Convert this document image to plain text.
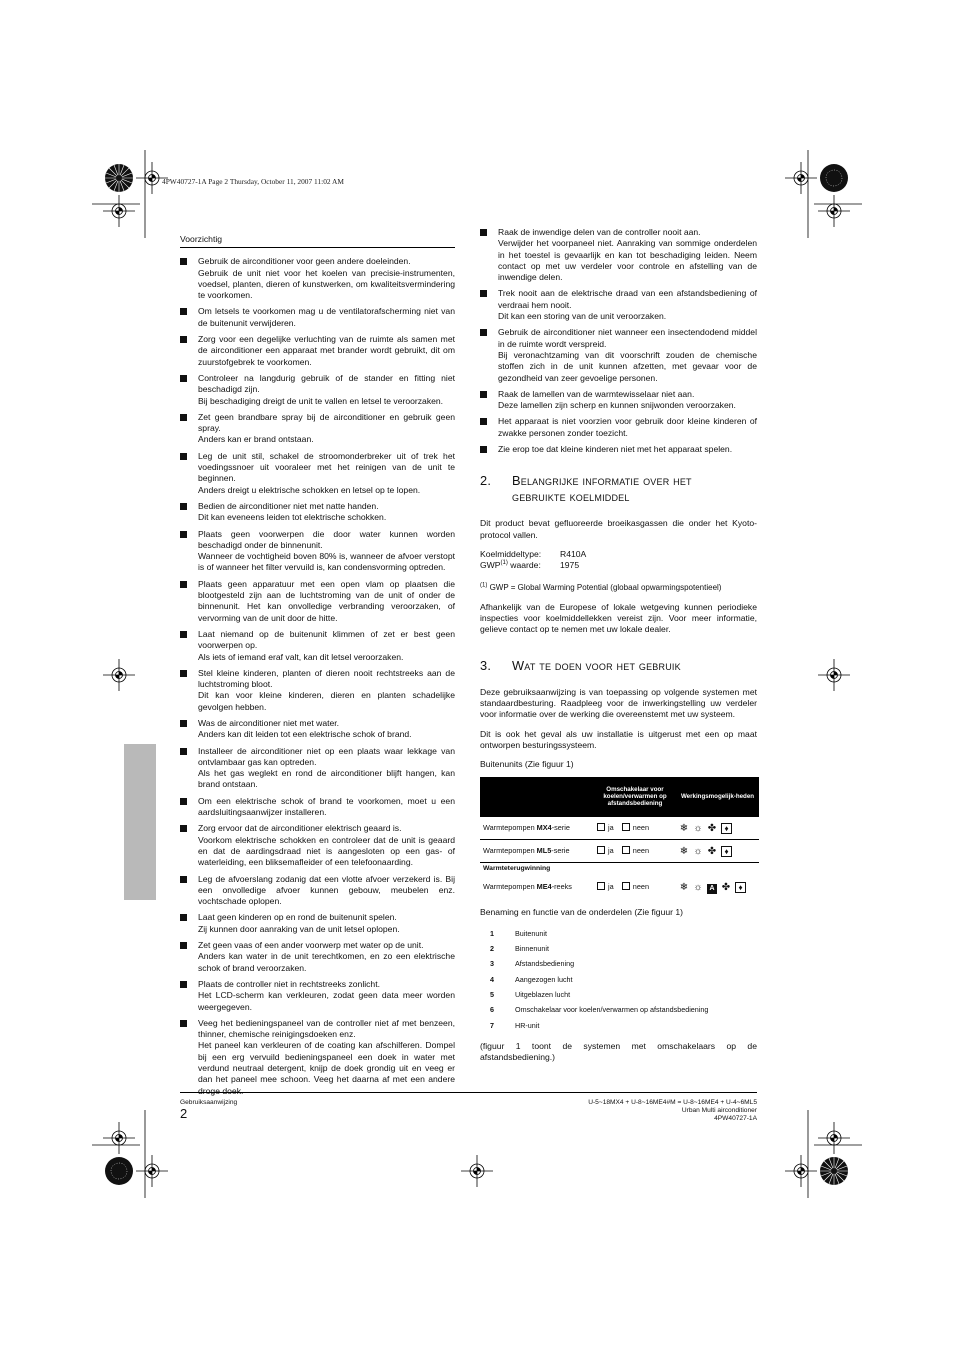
4PW40727-1A Page 2 Thursday, October 11, 2007 11:02 AM
Voorzichtig
Gebruik de airconditioner voor geen andere doeleinden.
Gebruik de unit niet voor het koelen van precisie-instrumenten, voedsel, planten, dieren of kunstwerken, om kwaliteitsvermindering te voorkomen.
Om letsels te voorkomen mag u de ventilatorafscherming niet van de buitenunit verwijderen.
Zorg voor een degelijke verluchting van de ruimte als samen met de airconditioner een apparaat met brander wordt gebruikt, dit om zuurstofgebrek te voorkomen.
Controleer na langdurig gebruik of de stander en fitting niet beschadigd zijn.
Bij beschadiging dreigt de unit te vallen en letsel te veroorzaken.
Zet geen brandbare spray bij de airconditioner en gebruik geen spray.
Anders kan er brand ontstaan.
Leg de unit stil, schakel de stroomonderbreker uit of trek het voedingssnoer uit vooraleer met het reinigen van de unit te beginnen.
Anders dreigt u elektrische schokken en letsel op te lopen.
Bedien de airconditioner niet met natte handen.
Dit kan eveneens leiden tot elektrische schokken.
Plaats geen voorwerpen die door water kunnen worden beschadigd onder de binnenunit.
Wanneer de vochtigheid boven 80% is, wanneer de afvoer verstopt is of wanneer het filter vervuild is, kan condensvorming optreden.
Plaats geen apparatuur met een open vlam op plaatsen die blootgesteld zijn aan de luchtstroming van de unit of onder de binnenunit. Het kan onvolledige verbranding veroorzaken, of vervorming van de unit door de hitte.
Laat niemand op de buitenunit klimmen of zet er best geen voorwerpen op.
Als iets of iemand eraf valt, kan dit letsel veroorzaken.
Stel kleine kinderen, planten of dieren nooit rechtstreeks aan de luchtstroming bloot.
Dit kan voor kleine kinderen, dieren en planten schadelijke gevolgen hebben.
Was de airconditioner niet met water.
Anders kan dit leiden tot een elektrische schok of brand.
Installeer de airconditioner niet op een plaats waar lekkage van ontvlambaar gas kan optreden.
Als het gas weglekt en rond de airconditioner blijft hangen, kan brand ontstaan.
Om een elektrische schok of brand te voorkomen, moet u een aardsluitingsaanwijzer installeren.
Zorg ervoor dat de airconditioner elektrisch geaard is.
Voorkom elektrische schokken en controleer dat de unit is geaard en dat de aardingsdraad niet is aangesloten op een gas- of waterleiding, een bliksemafleider of een telefoonaarding.
Leg de afvoerslang zodanig dat een vlotte afvoer verzekerd is. Bij een onvolledige afvoer kunnen gebouw, meubelen enz. vochtschade oplopen.
Laat geen kinderen op en rond de buitenunit spelen.
Zij kunnen door aanraking van de unit letsel oplopen.
Zet geen vaas of een ander voorwerp met water op de unit.
Anders kan water in de unit terechtkomen, en zo een elektrische schok of brand veroorzaken.
Plaats de controller niet in rechtstreeks zonlicht.
Het LCD-scherm kan verkleuren, zodat geen data meer worden weergegeven.
Veeg het bedieningspaneel van de controller niet af met benzeen, thinner, chemische reinigingsdoeken enz.
Het paneel kan verkleuren of de coating kan afschilferen. Dompel bij een erg vervuild bedieningspaneel een doek in water met verdund neutraal detergent, knijp de doek grondig uit en veeg er dan het paneel mee schoon. Veeg het daarna af met een andere droge doek.
Raak de inwendige delen van de controller nooit aan.
Verwijder het voorpaneel niet. Aanraking van sommige onderdelen in het toestel is gevaarlijk en kan tot beschadiging leiden. Neem contact op met uw verdeler voor controle en afstelling van de inwendige delen.
Trek nooit aan de elektrische draad van een afstandsbediening of verdraai hem nooit.
Dit kan een storing van de unit veroorzaken.
Gebruik de airconditioner niet wanneer een insectendodend middel in de ruimte wordt verspreid.
Bij veronachtzaming van dit voorschrift zouden de chemische stoffen zich in de unit kunnen afzetten, met gevaar voor de gezondheid van zeer gevoelige personen.
Raak de lamellen van de warmtewisselaar niet aan.
Deze lamellen zijn scherp en kunnen snijwonden veroorzaken.
Het apparaat is niet voorzien voor gebruik door kleine kinderen of zwakke personen zonder toezicht.
Zie erop toe dat kleine kinderen niet met het apparaat spelen.
2.	Belangrijke informatie over het
gebruikte koelmiddel
Dit product bevat gefluoreerde broeikasgassen die onder het Kyoto-protocol vallen.
Koelmiddeltype:	R410A
GWP$^{(1)}$ waarde:	1975
$^{(1)}$ GWP = Global Warming Potential (globaal opwarmingspotentieel)
Afhankelijk van de Europese of lokale wetgeving kunnen periodieke inspecties voor koelmiddellekken vereist zijn. Voor meer informatie, gelieve contact op te nemen met uw lokale dealer.
3.	Wat te doen voor het gebruik
Deze gebruiksaanwijzing is van toepassing op volgende systemen met standaardbesturing. Raadpleeg voor de inwerkingstelling uw verdeler voor informatie over de werking die overeenstemt met uw systeem.
Dit is ook het geval als uw installatie is uitgerust met een op maat ontworpen besturingssysteem.
Buitenunits (Zie figuur 1)
	Omschakelaar voor koelen/verwarmen op afstandsbediening	Werkingsmogelijk-heden
Warmtepompen MX4-serie	ja neen	❄ ☼ ✤ ♦
Warmtepompen ML5-serie	ja neen	❄ ☼ ✤ ♦
Warmteterugwinning		
Warmtepompen ME4-reeks	ja neen	❄ ☼ A ✤ ♦
Benaming en functie van de onderdelen (Zie figuur 1)
1	Buitenunit
2	Binnenunit
3	Afstandsbediening
4	Aangezogen lucht
5	Uitgeblazen lucht
6	Omschakelaar voor koelen/verwarmen op afstandsbediening
7	HR-unit
(figuur 1 toont de systemen met omschakelaars op de afstandsbediening.)
Gebruiksaanwijzing
2
U-5~18MX4 + U-8~16ME4#M = U-8~16ME4 + U-4~6ML5
Urban Multi airconditioner
4PW40727-1A
